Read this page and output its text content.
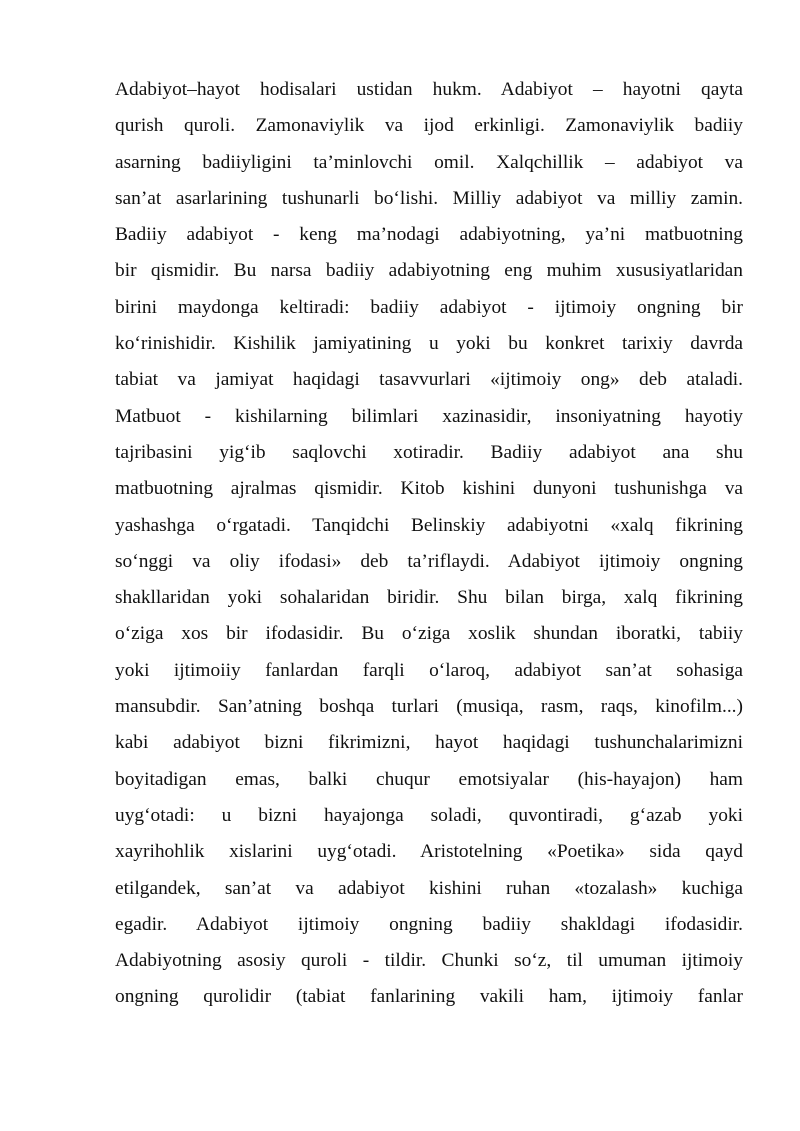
Adabiyot–hayot hodisalari ustidan hukm. Adabiyot – hayotni qayta
qurish quroli. Zamonaviylik va ijod erkinligi. Zamonaviylik badiiy
asarning badiiyligini ta’minlovchi omil. Xalqchillik – adabiyot va
san’at asarlarining tushunarli bo‘lishi. Milliy adabiyot va milliy zamin.
Badiiy adabiyot - keng ma’nodagi adabiyotning, ya’ni matbuotning
bir qismidir. Bu narsa badiiy adabiyotning eng muhim xususiyatlaridan
birini maydonga keltiradi: badiiy adabiyot - ijtimoiy ongning bir
ko‘rinishidir. Kishilik jamiyatining u yoki bu konkret tarixiy davrda
tabiat va jamiyat haqidagi tasavvurlari «ijtimoiy ong» deb ataladi.
Matbuot - kishilarning bilimlari xazinasidir, insoniyatning hayotiy
tajribasini yig‘ib saqlovchi xotiradir. Badiiy adabiyot ana shu
matbuotning ajralmas qismidir. Kitob kishini dunyoni tushunishga va
yashashga o‘rgatadi. Tanqidchi Belinskiy adabiyotni «xalq fikrining
so‘nggi va oliy ifodasi» deb ta’riflaydi. Adabiyot ijtimoiy ongning
shakllaridan yoki sohalaridan biridir. Shu bilan birga, xalq fikrining
o‘ziga xos bir ifodasidir. Bu o‘ziga xoslik shundan iboratki, tabiiy
yoki ijtimoiiy fanlardan farqli o‘laroq, adabiyot san’at sohasiga
mansubdir. San’atning boshqa turlari (musiqa, rasm, raqs, kinofilm...)
kabi adabiyot bizni fikrimizni, hayot haqidagi tushunchalarimizni
boyitadigan emas, balki chuqur emotsiyalar (his-hayajon) ham
uyg‘otadi: u bizni hayajonga soladi, quvontiradi, g‘azab yoki
xayrihohlik xislarini uyg‘otadi. Aristotelning «Poetika» sida qayd
etilgandek, san’at va adabiyot kishini ruhan «tozalash» kuchiga
egadir. Adabiyot ijtimoiy ongning badiiy shakldagi ifodasidir.
Adabiyotning asosiy quroli - tildir. Chunki so‘z, til umuman ijtimoiy
ongning qurolidir (tabiat fanlarining vakili ham, ijtimoiy fanlar
